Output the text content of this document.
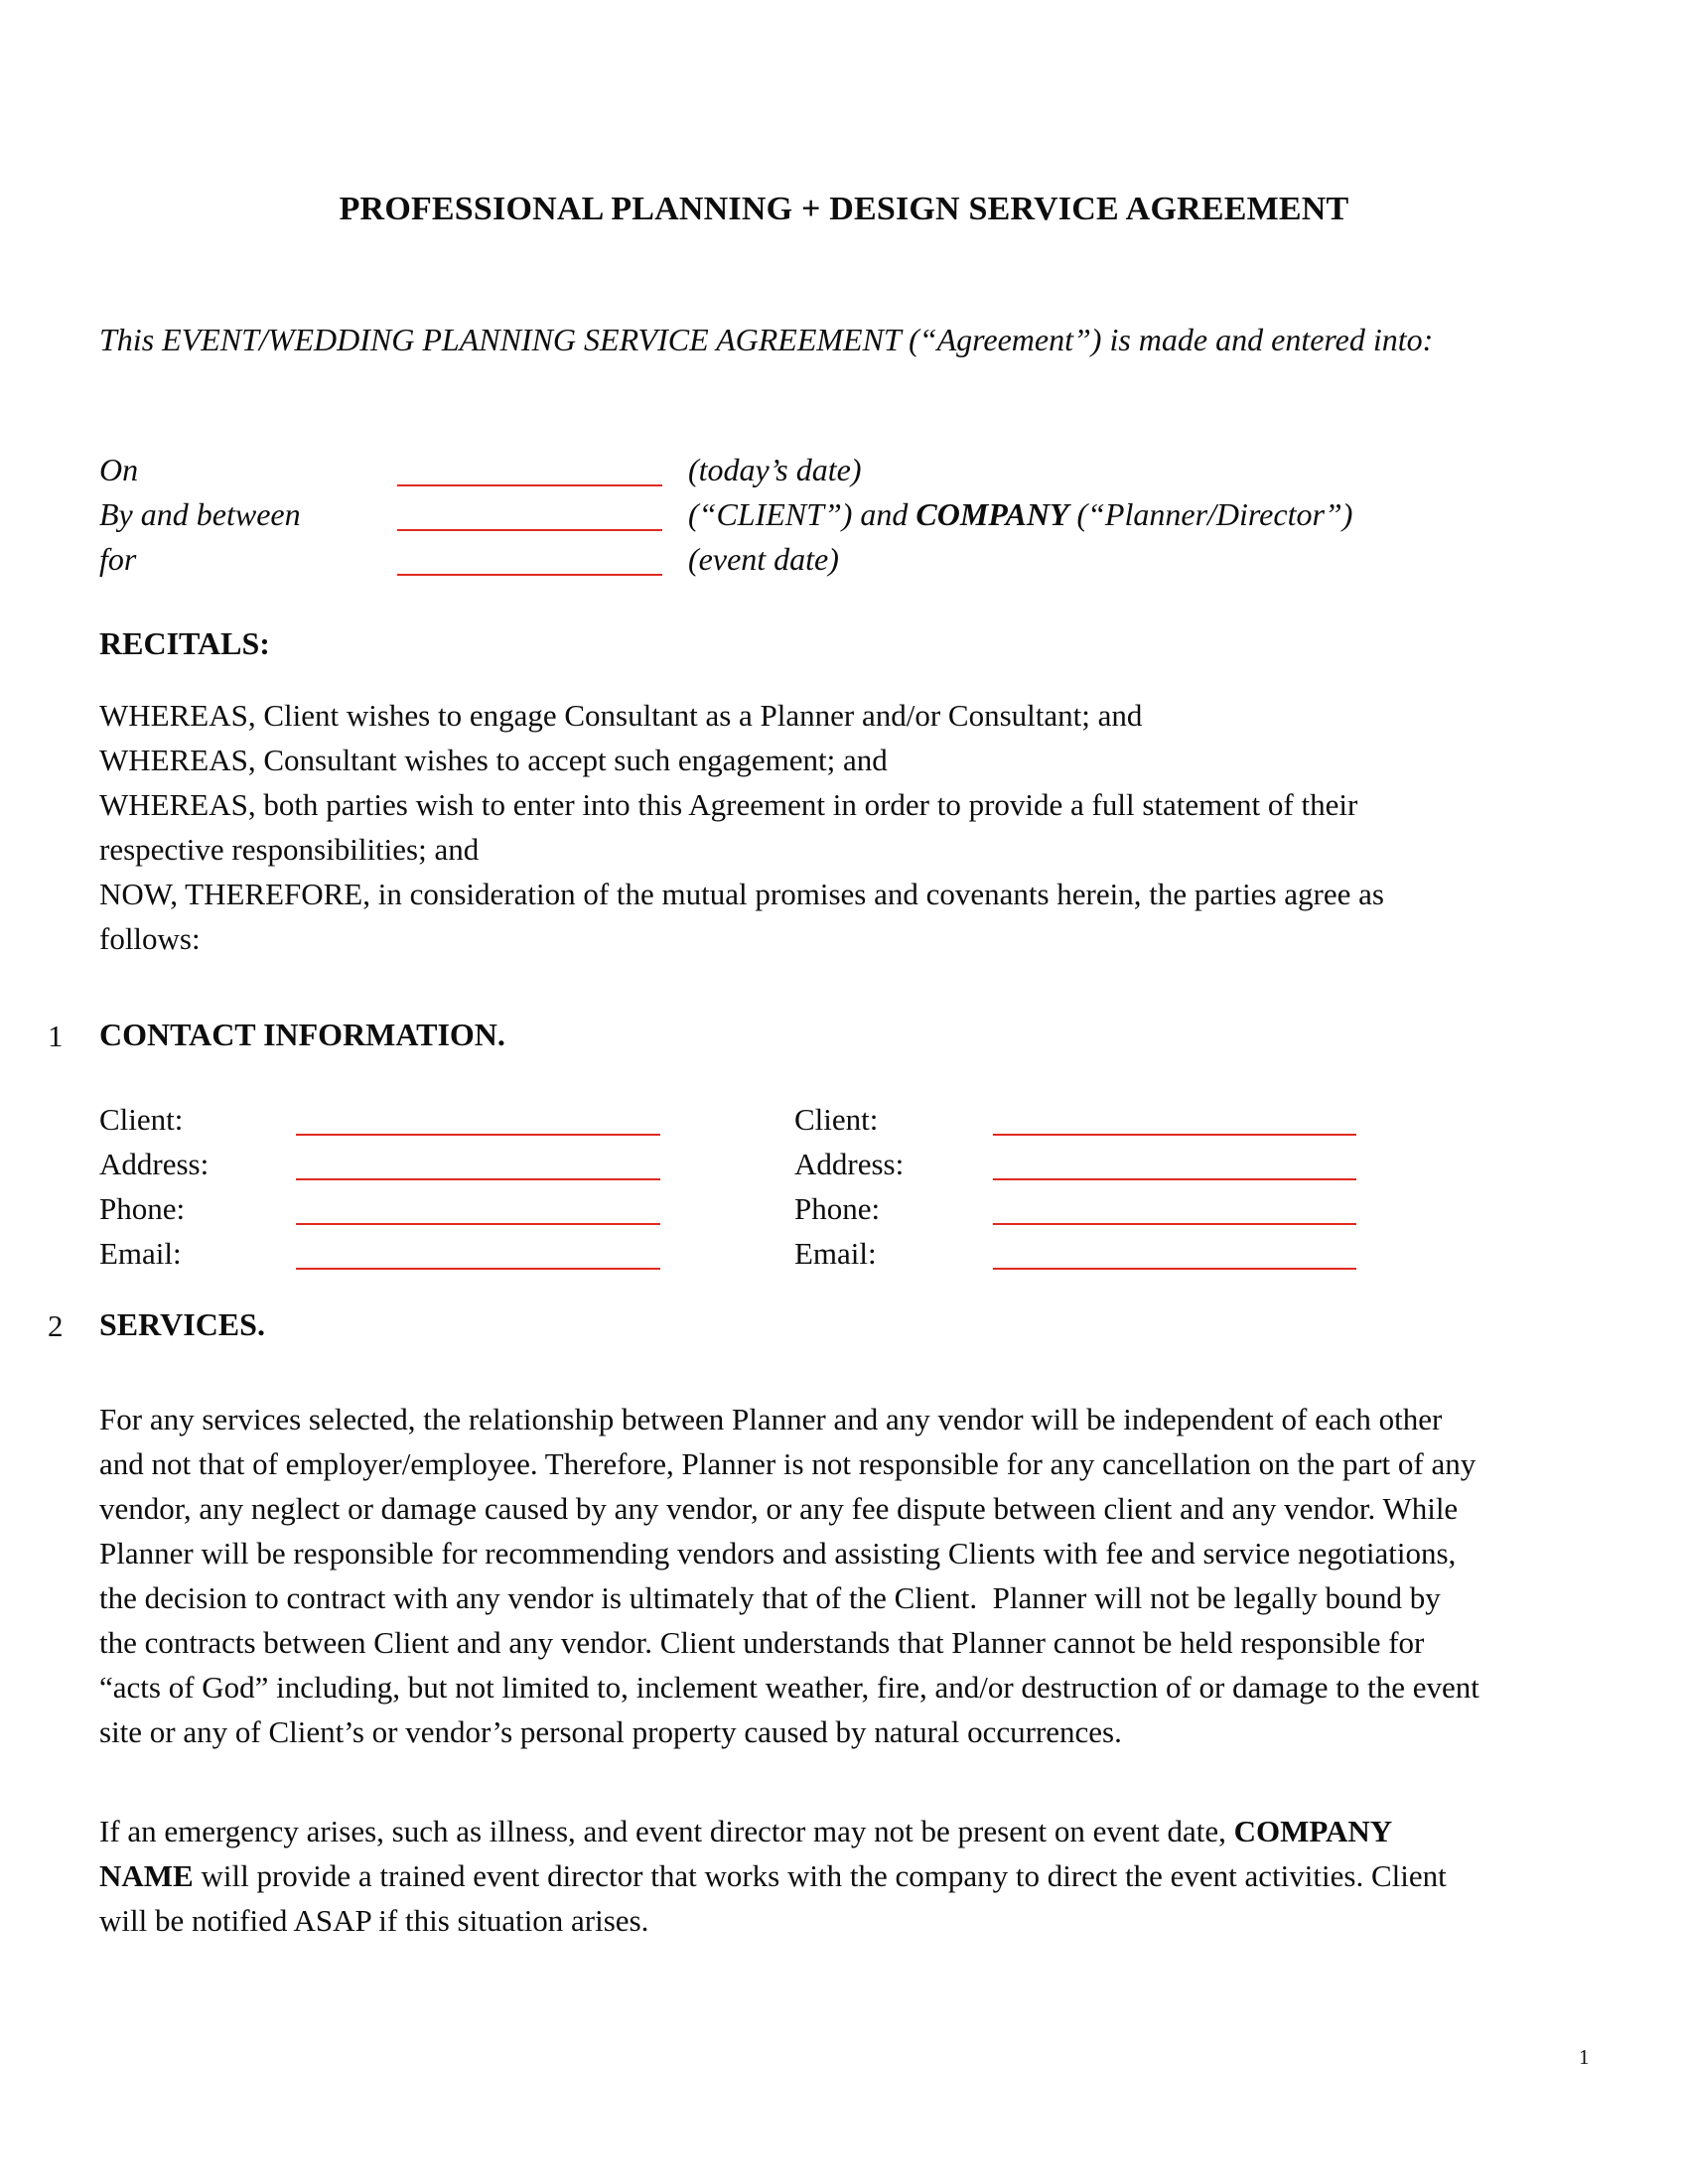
PROFESSIONAL PLANNING + DESIGN SERVICE AGREEMENT
This EVENT/WEDDING PLANNING SERVICE AGREEMENT (“Agreement”) is made and entered into:
On	(today’s date)
By and between	(“CLIENT”) and COMPANY (“Planner/Director”)
for	(event date)
RECITALS:
WHEREAS, Client wishes to engage Consultant as a Planner and/or Consultant; and
WHEREAS, Consultant wishes to accept such engagement; and
WHEREAS, both parties wish to enter into this Agreement in order to provide a full statement of their
respective responsibilities; and
NOW, THEREFORE, in consideration of the mutual promises and covenants herein, the parties agree as
follows:
1 CONTACT INFORMATION.
Client:	Client:
Address:	Address:
Phone:	Phone:
Email:	Email:
2 SERVICES.
For any services selected, the relationship between Planner and any vendor will be independent of each other
and not that of employer/employee. Therefore, Planner is not responsible for any cancellation on the part of any
vendor, any neglect or damage caused by any vendor, or any fee dispute between client and any vendor. While
Planner will be responsible for recommending vendors and assisting Clients with fee and service negotiations,
the decision to contract with any vendor is ultimately that of the Client.  Planner will not be legally bound by
the contracts between Client and any vendor. Client understands that Planner cannot be held responsible for
“acts of God” including, but not limited to, inclement weather, fire, and/or destruction of or damage to the event
site or any of Client’s or vendor’s personal property caused by natural occurrences.
If an emergency arises, such as illness, and event director may not be present on event date, COMPANY
NAME will provide a trained event director that works with the company to direct the event activities. Client
will be notified ASAP if this situation arises.
1
